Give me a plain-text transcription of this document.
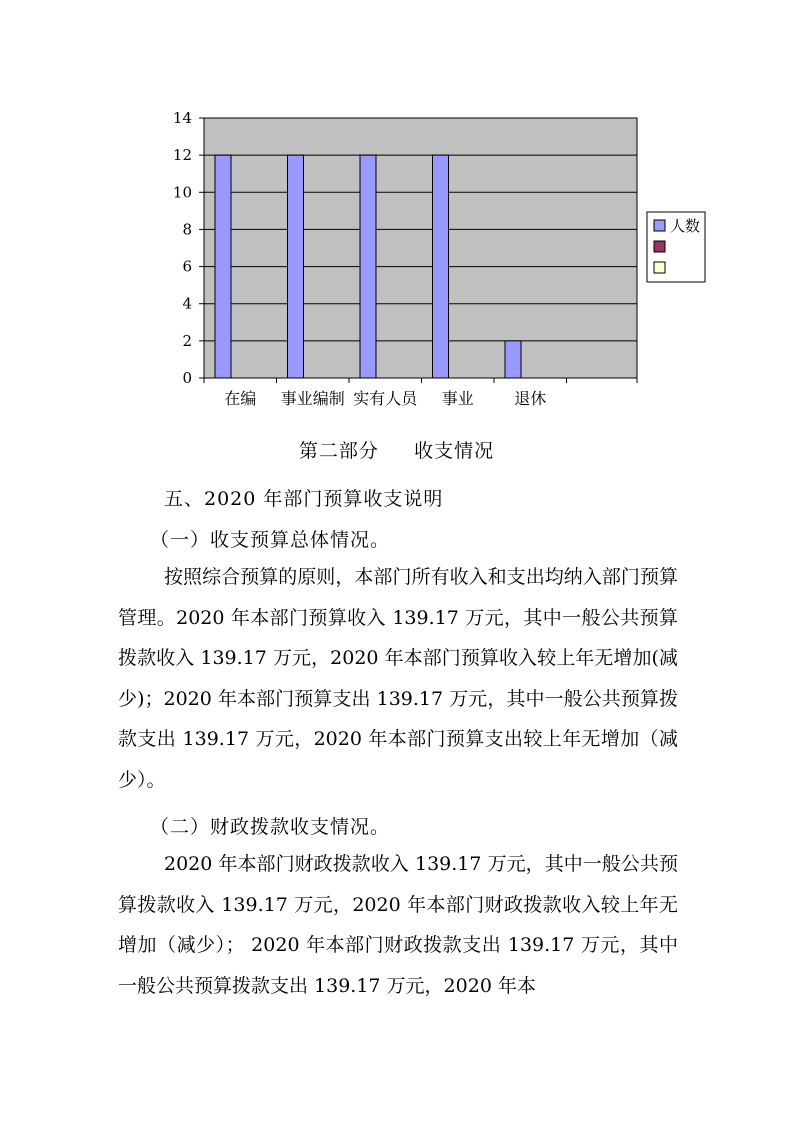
0
2
4
6
8
10
12
14
在编 事业编制 实有人员 事业	退休
人数
第二部分     收支情况
五、2020 年部门预算收支说明
（一）收支预算总体情况。

按照综合预算的原则，本部门所有收入和支出均纳入部门预算管理。2020 年本部门预算收入 139.17 万元，其中一般公共预算拨款收入 139.17 万元，2020 年本部门预算收入较上年无增加(减少)；2020 年本部门预算支出 139.17 万元，其中一般公共预算拨款支出 139.17 万元，2020 年本部门预算支出较上年无增加（减少）。

（二）财政拨款收支情况。

2020 年本部门财政拨款收入 139.17 万元，其中一般公共预算拨款收入 139.17 万元，2020 年本部门财政拨款收入较上年无增加（减少）； 2020 年本部门财政拨款支出 139.17 万元，其中一般公共预算拨款支出 139.17 万元，2020 年本
